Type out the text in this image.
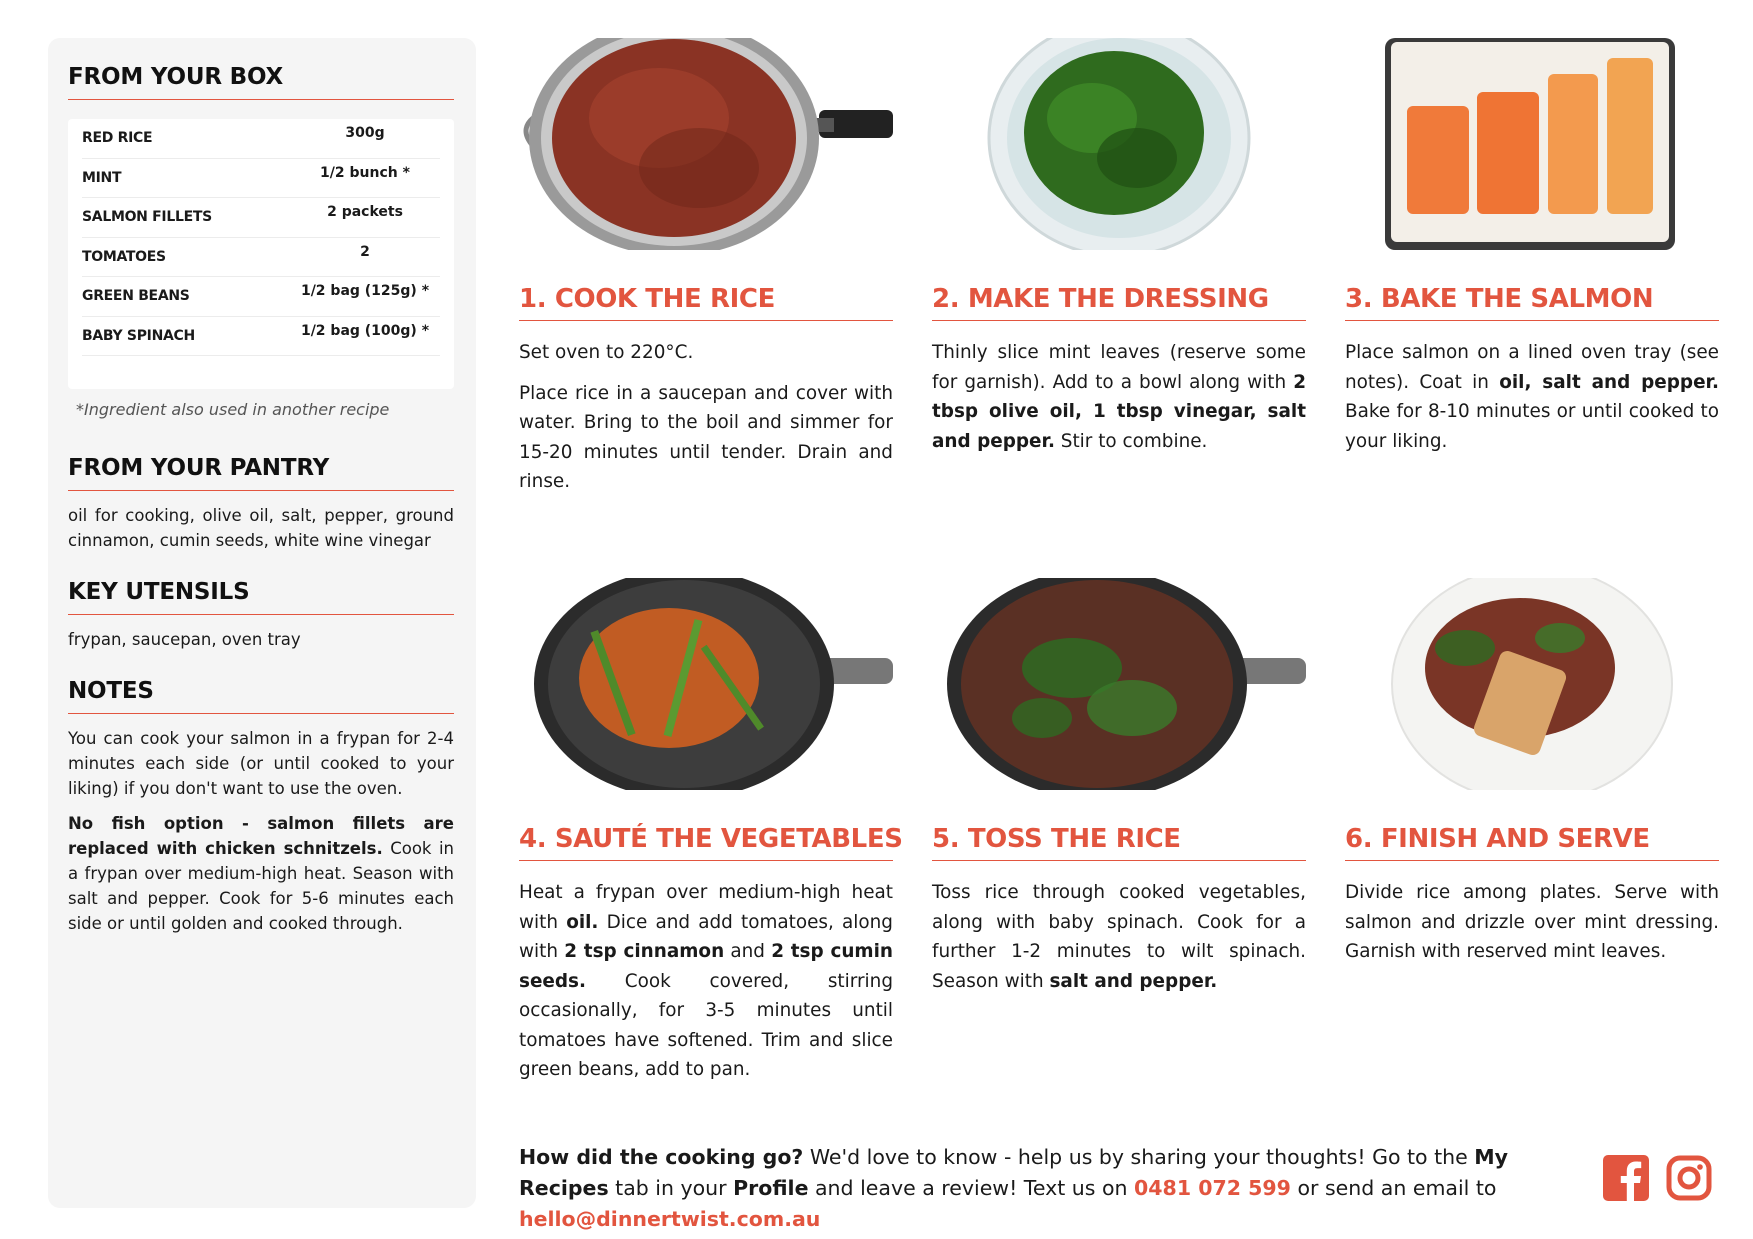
FROM YOUR BOX
RED RICE	300g
MINT	1/2 bunch *
SALMON FILLETS	2 packets
TOMATOES	2
GREEN BEANS	1/2 bag (125g) *
BABY SPINACH	1/2 bag (100g) *
*Ingredient also used in another recipe
FROM YOUR PANTRY
oil for cooking, olive oil, salt, pepper, ground cinnamon, cumin seeds, white wine vinegar
KEY UTENSILS
frypan, saucepan, oven tray
NOTES

You can cook your salmon in a frypan for 2-4 minutes each side (or until cooked to your liking) if you don't want to use the oven.

No fish option - salmon fillets are replaced with chicken schnitzels. Cook in a frypan over medium-high heat. Season with salt and pepper. Cook for 5-6 minutes each side or until golden and cooked through.

1. COOK THE RICE

Set oven to 220°C.

Place rice in a saucepan and cover with water. Bring to the boil and simmer for 15-20 minutes until tender. Drain and rinse.

2. MAKE THE DRESSING

Thinly slice mint leaves (reserve some for garnish). Add to a bowl along with 2 tbsp olive oil, 1 tbsp vinegar, salt and pepper. Stir to combine.

3. BAKE THE SALMON

Place salmon on a lined oven tray (see notes). Coat in oil, salt and pepper. Bake for 8-10 minutes or until cooked to your liking.

4. SAUTÉ THE VEGETABLES

Heat a frypan over medium-high heat with oil. Dice and add tomatoes, along with 2 tsp cinnamon and 2 tsp cumin seeds. Cook covered, stirring occasionally, for 3-5 minutes until tomatoes have softened. Trim and slice green beans, add to pan.

5. TOSS THE RICE

Toss rice through cooked vegetables, along with baby spinach. Cook for a further 1-2 minutes to wilt spinach. Season with salt and pepper.

6. FINISH AND SERVE

Divide rice among plates. Serve with salmon and drizzle over mint dressing. Garnish with reserved mint leaves.

How did the cooking go? We'd love to know - help us by sharing your thoughts! Go to the My Recipes tab in your Profile and leave a review! Text us on 0481 072 599 or send an email to hello@dinnertwist.com.au
